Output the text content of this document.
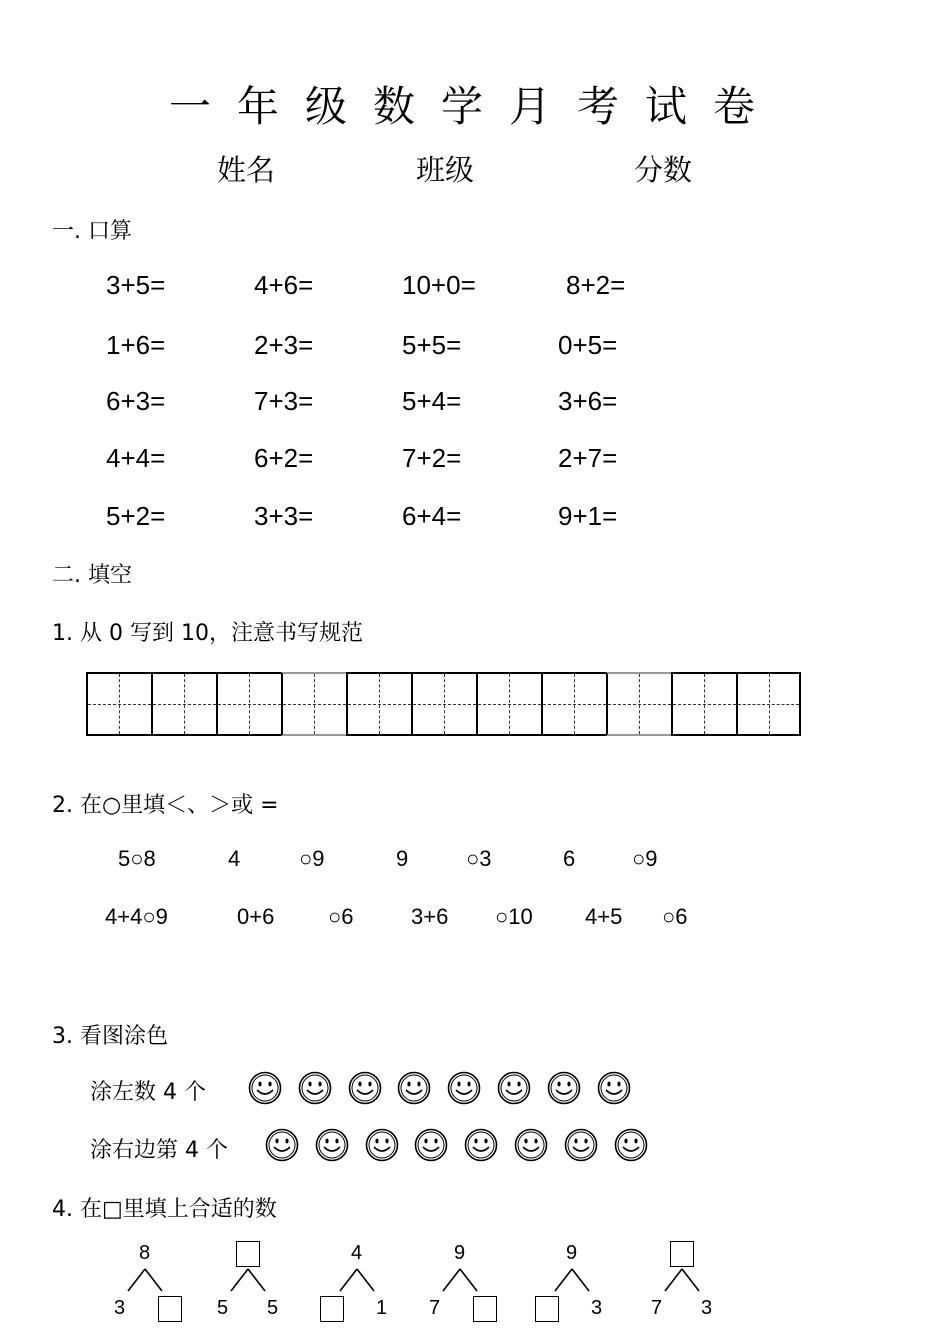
一年级数学月考试卷
姓名	班级	分数
一. 口算
3+5=	4+6=	10+0=	8+2=
1+6=	2+3=	5+5=	0+5=
6+3=	7+3=	5+4=	3+6=
4+4=	6+2=	7+2=	2+7=
5+2=	3+3=	6+4=	9+1=
二. 填空
1. 从 0 写到 10，注意书写规范
2. 在○里填＜、＞或 =
5○8	4	○9	9	○3	6	○9
4+4○9	0+6 ○6	3+6 ○10 4+5 ○6
3. 看图涂色
涂左数 4 个
涂右边第 4 个
4. 在□里填上合适的数
8
3	5 5
4
1
9
7
9
3 7 3
